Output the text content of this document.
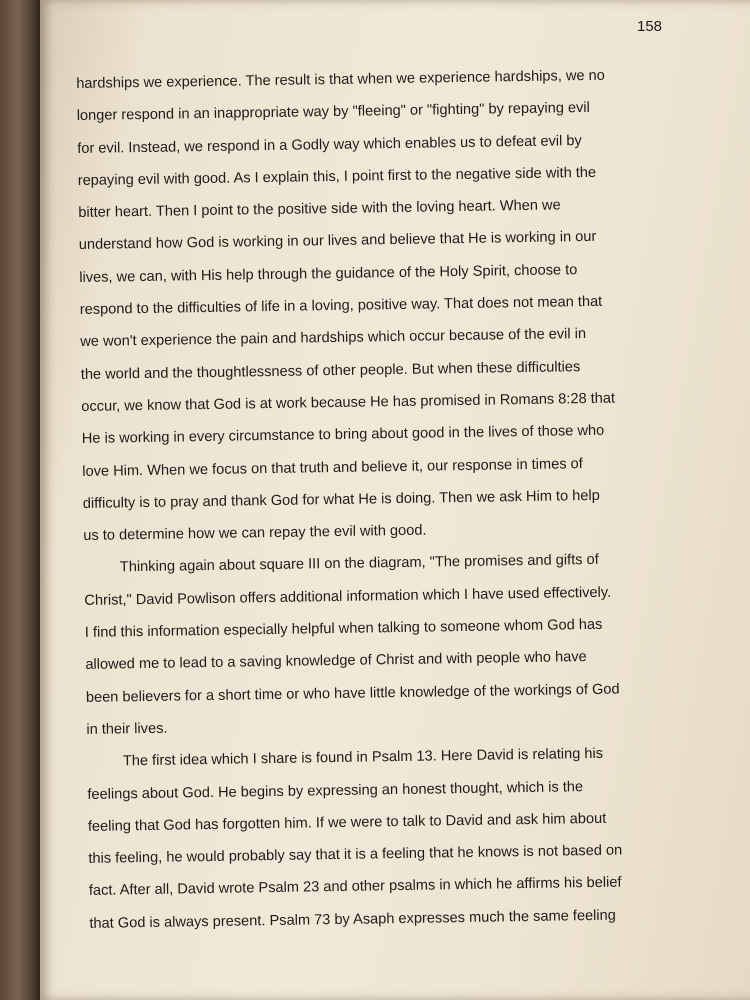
158
hardships we experience. The result is that when we experience hardships, we no
longer respond in an inappropriate way by "fleeing" or "fighting" by repaying evil
for evil. Instead, we respond in a Godly way which enables us to defeat evil by
repaying evil with good. As I explain this, I point first to the negative side with the
bitter heart. Then I point to the positive side with the loving heart. When we
understand how God is working in our lives and believe that He is working in our
lives, we can, with His help through the guidance of the Holy Spirit, choose to
respond to the difficulties of life in a loving, positive way. That does not mean that
we won't experience the pain and hardships which occur because of the evil in
the world and the thoughtlessness of other people. But when these difficulties
occur, we know that God is at work because He has promised in Romans 8:28 that
He is working in every circumstance to bring about good in the lives of those who
love Him. When we focus on that truth and believe it, our response in times of
difficulty is to pray and thank God for what He is doing. Then we ask Him to help
us to determine how we can repay the evil with good.
Thinking again about square III on the diagram, "The promises and gifts of
Christ," David Powlison offers additional information which I have used effectively.
I find this information especially helpful when talking to someone whom God has
allowed me to lead to a saving knowledge of Christ and with people who have
been believers for a short time or who have little knowledge of the workings of God
in their lives.
The first idea which I share is found in Psalm 13. Here David is relating his
feelings about God. He begins by expressing an honest thought, which is the
feeling that God has forgotten him. If we were to talk to David and ask him about
this feeling, he would probably say that it is a feeling that he knows is not based on
fact. After all, David wrote Psalm 23 and other psalms in which he affirms his belief
that God is always present. Psalm 73 by Asaph expresses much the same feeling
